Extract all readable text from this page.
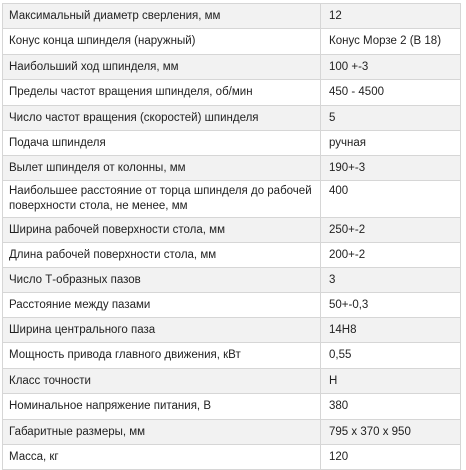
Максимальный диаметр сверления, мм	12
Конус конца шпинделя (наружный)	Конус Морзе 2 (В 18)
Наибольший ход шпинделя, мм	100 +-3
Пределы частот вращения шпинделя, об/мин	450 - 4500
Число частот вращения (скоростей) шпинделя	5
Подача шпинделя	ручная
Вылет шпинделя от колонны, мм	190+-3
Наибольшее расстояние от торца шпинделя до рабочей поверхности стола, не менее, мм	400
Ширина рабочей поверхности стола, мм	250+-2
Длина рабочей поверхности стола, мм	200+-2
Число Т-образных пазов	3
Расстояние между пазами	50+-0,3
Ширина центрального паза	14Н8
Мощность привода главного движения, кВт	0,55
Класс точности	Н
Номинальное напряжение питания, В	380
Габаритные размеры, мм	795 х 370 х 950
Масса, кг	120
